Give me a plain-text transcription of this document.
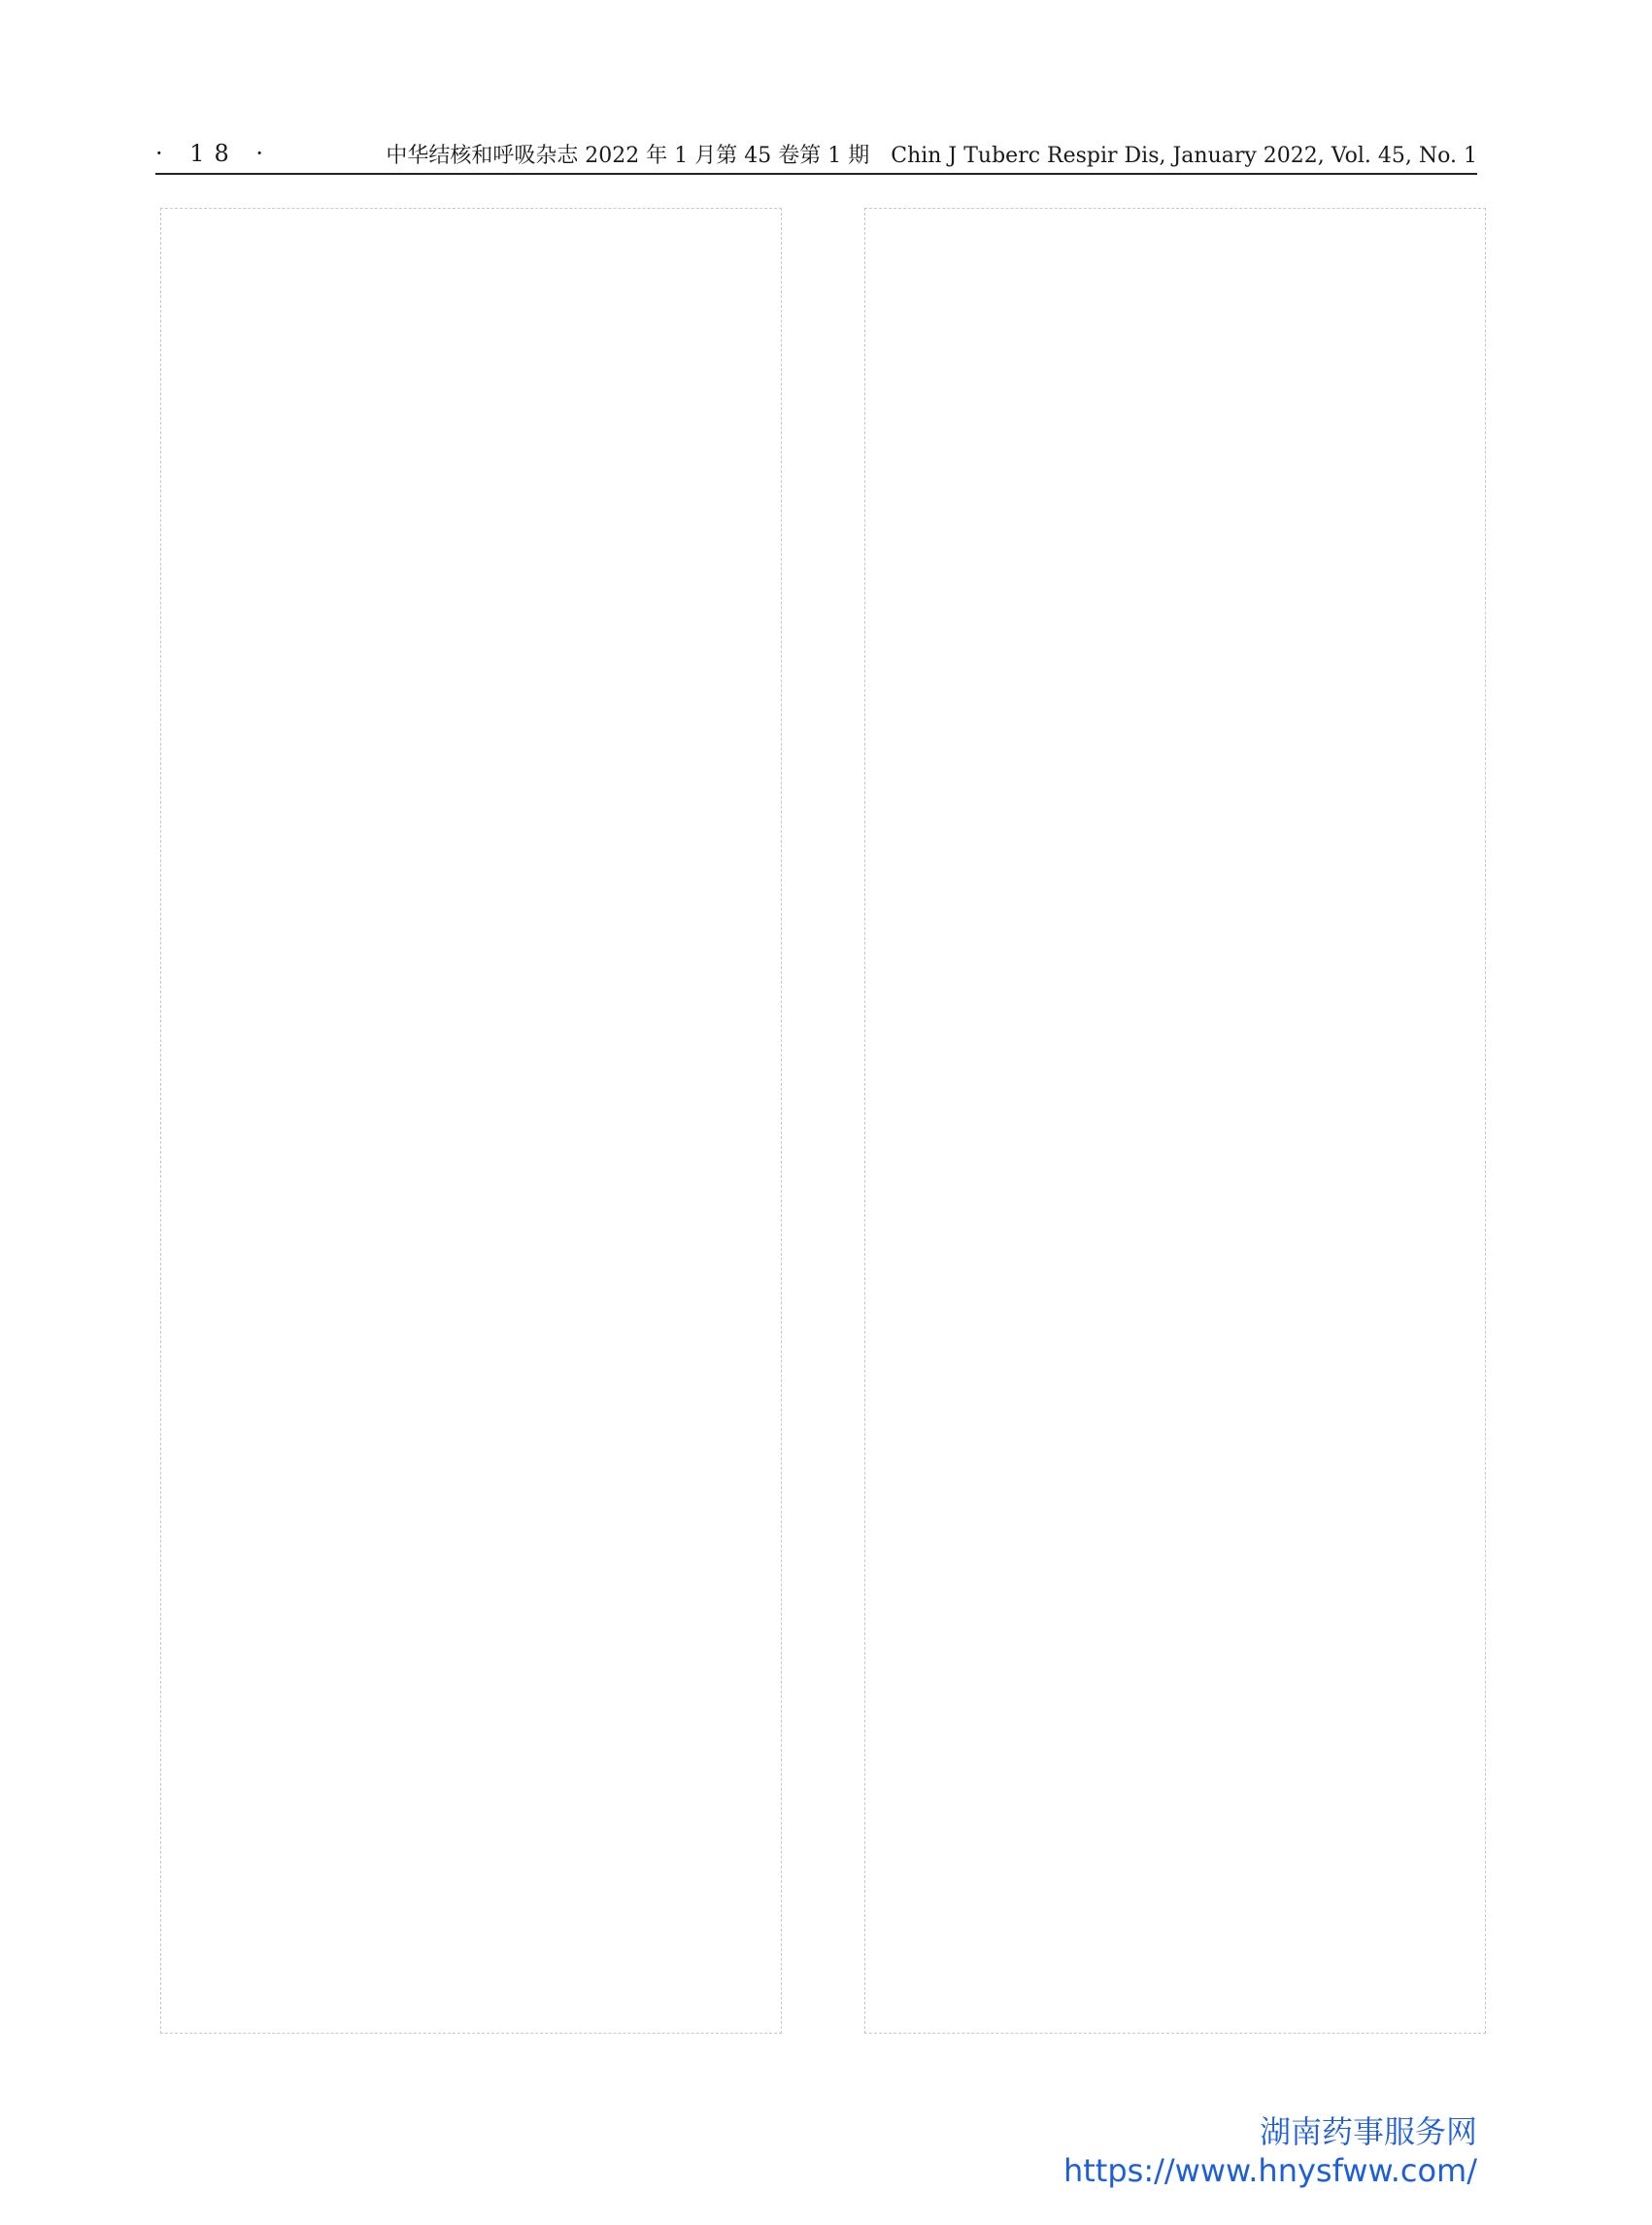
· 18 ·	中华结核和呼吸杂志 2022 年 1 月第 45 卷第 1 期　Chin J Tuberc Respir Dis, January 2022, Vol. 45, No. 1
湖南药事服务网
https://www.hnysfww.com/
